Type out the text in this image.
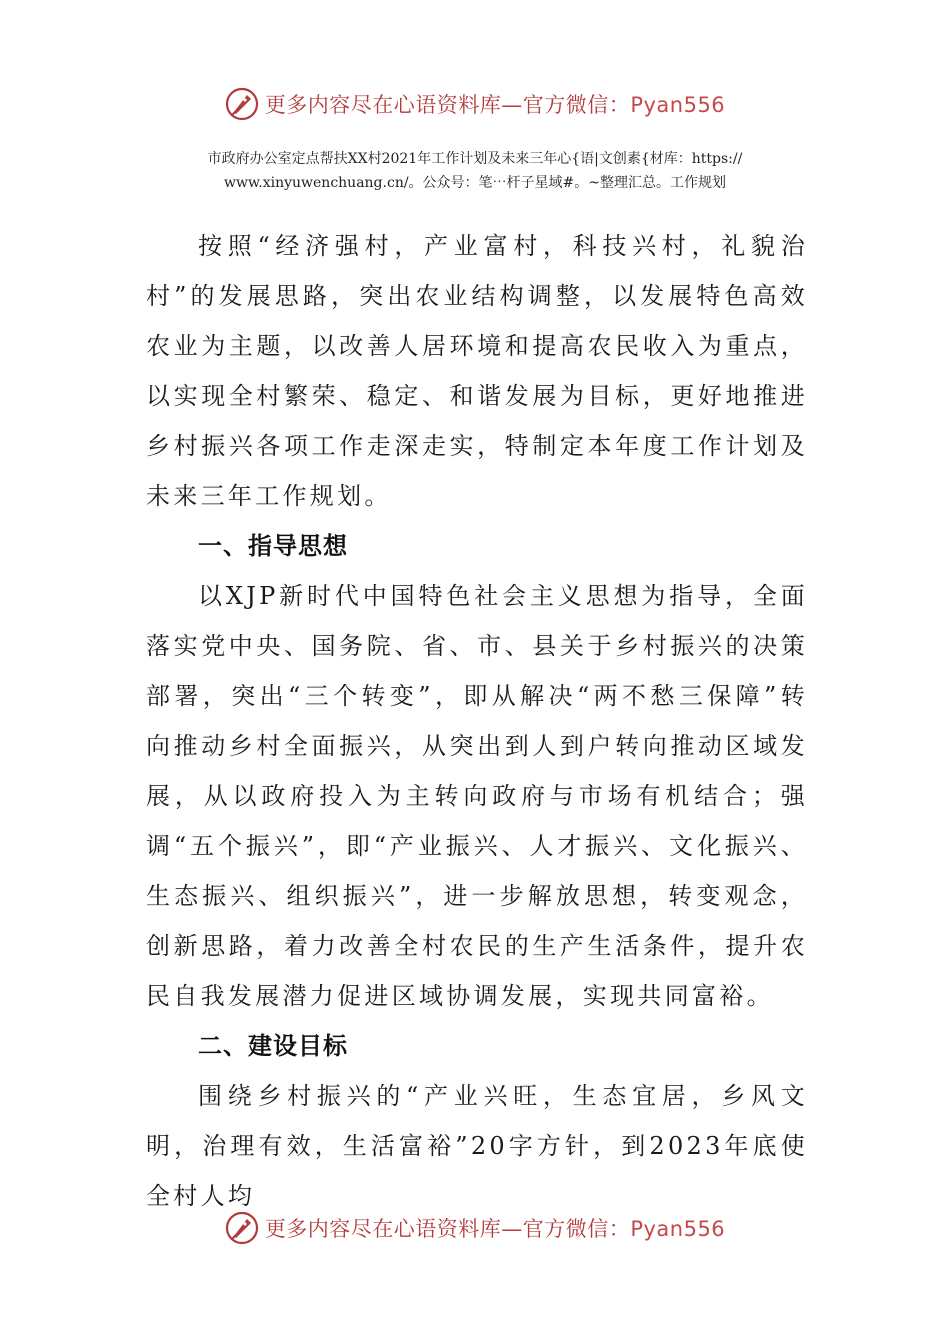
更多内容尽在心语资料库—官方微信：Pyan556
市政府办公室定点帮扶XX村2021年工作计划及未来三年心{语|文创素{材库：https://
www.xinyuwenchuang.cn/。公众号：笔⋯杆子星域#。~整理汇总。工作规划

按照“经济强村，产业富村，科技兴村，礼貌治村”的发展思路，突出农业结构调整，以发展特色高效农业为主题，以改善人居环境和提高农民收入为重点，以实现全村繁荣、稳定、和谐发展为目标，更好地推进乡村振兴各项工作走深走实，特制定本年度工作计划及未来三年工作规划。

一、指导思想

以XJP新时代中国特色社会主义思想为指导，全面落实党中央、国务院、省、市、县关于乡村振兴的决策部署，突出“三个转变”，即从解决“两不愁三保障”转向推动乡村全面振兴，从突出到人到户转向推动区域发展，从以政府投入为主转向政府与市场有机结合；强调“五个振兴”，即“产业振兴、人才振兴、文化振兴、生态振兴、组织振兴”，进一步解放思想，转变观念，创新思路，着力改善全村农民的生产生活条件，提升农民自我发展潜力促进区域协调发展，实现共同富裕。

二、建设目标

围绕乡村振兴的“产业兴旺，生态宜居，乡风文明，治理有效，生活富裕”20字方针，到2023年底使全村人均

更多内容尽在心语资料库—官方微信：Pyan556
